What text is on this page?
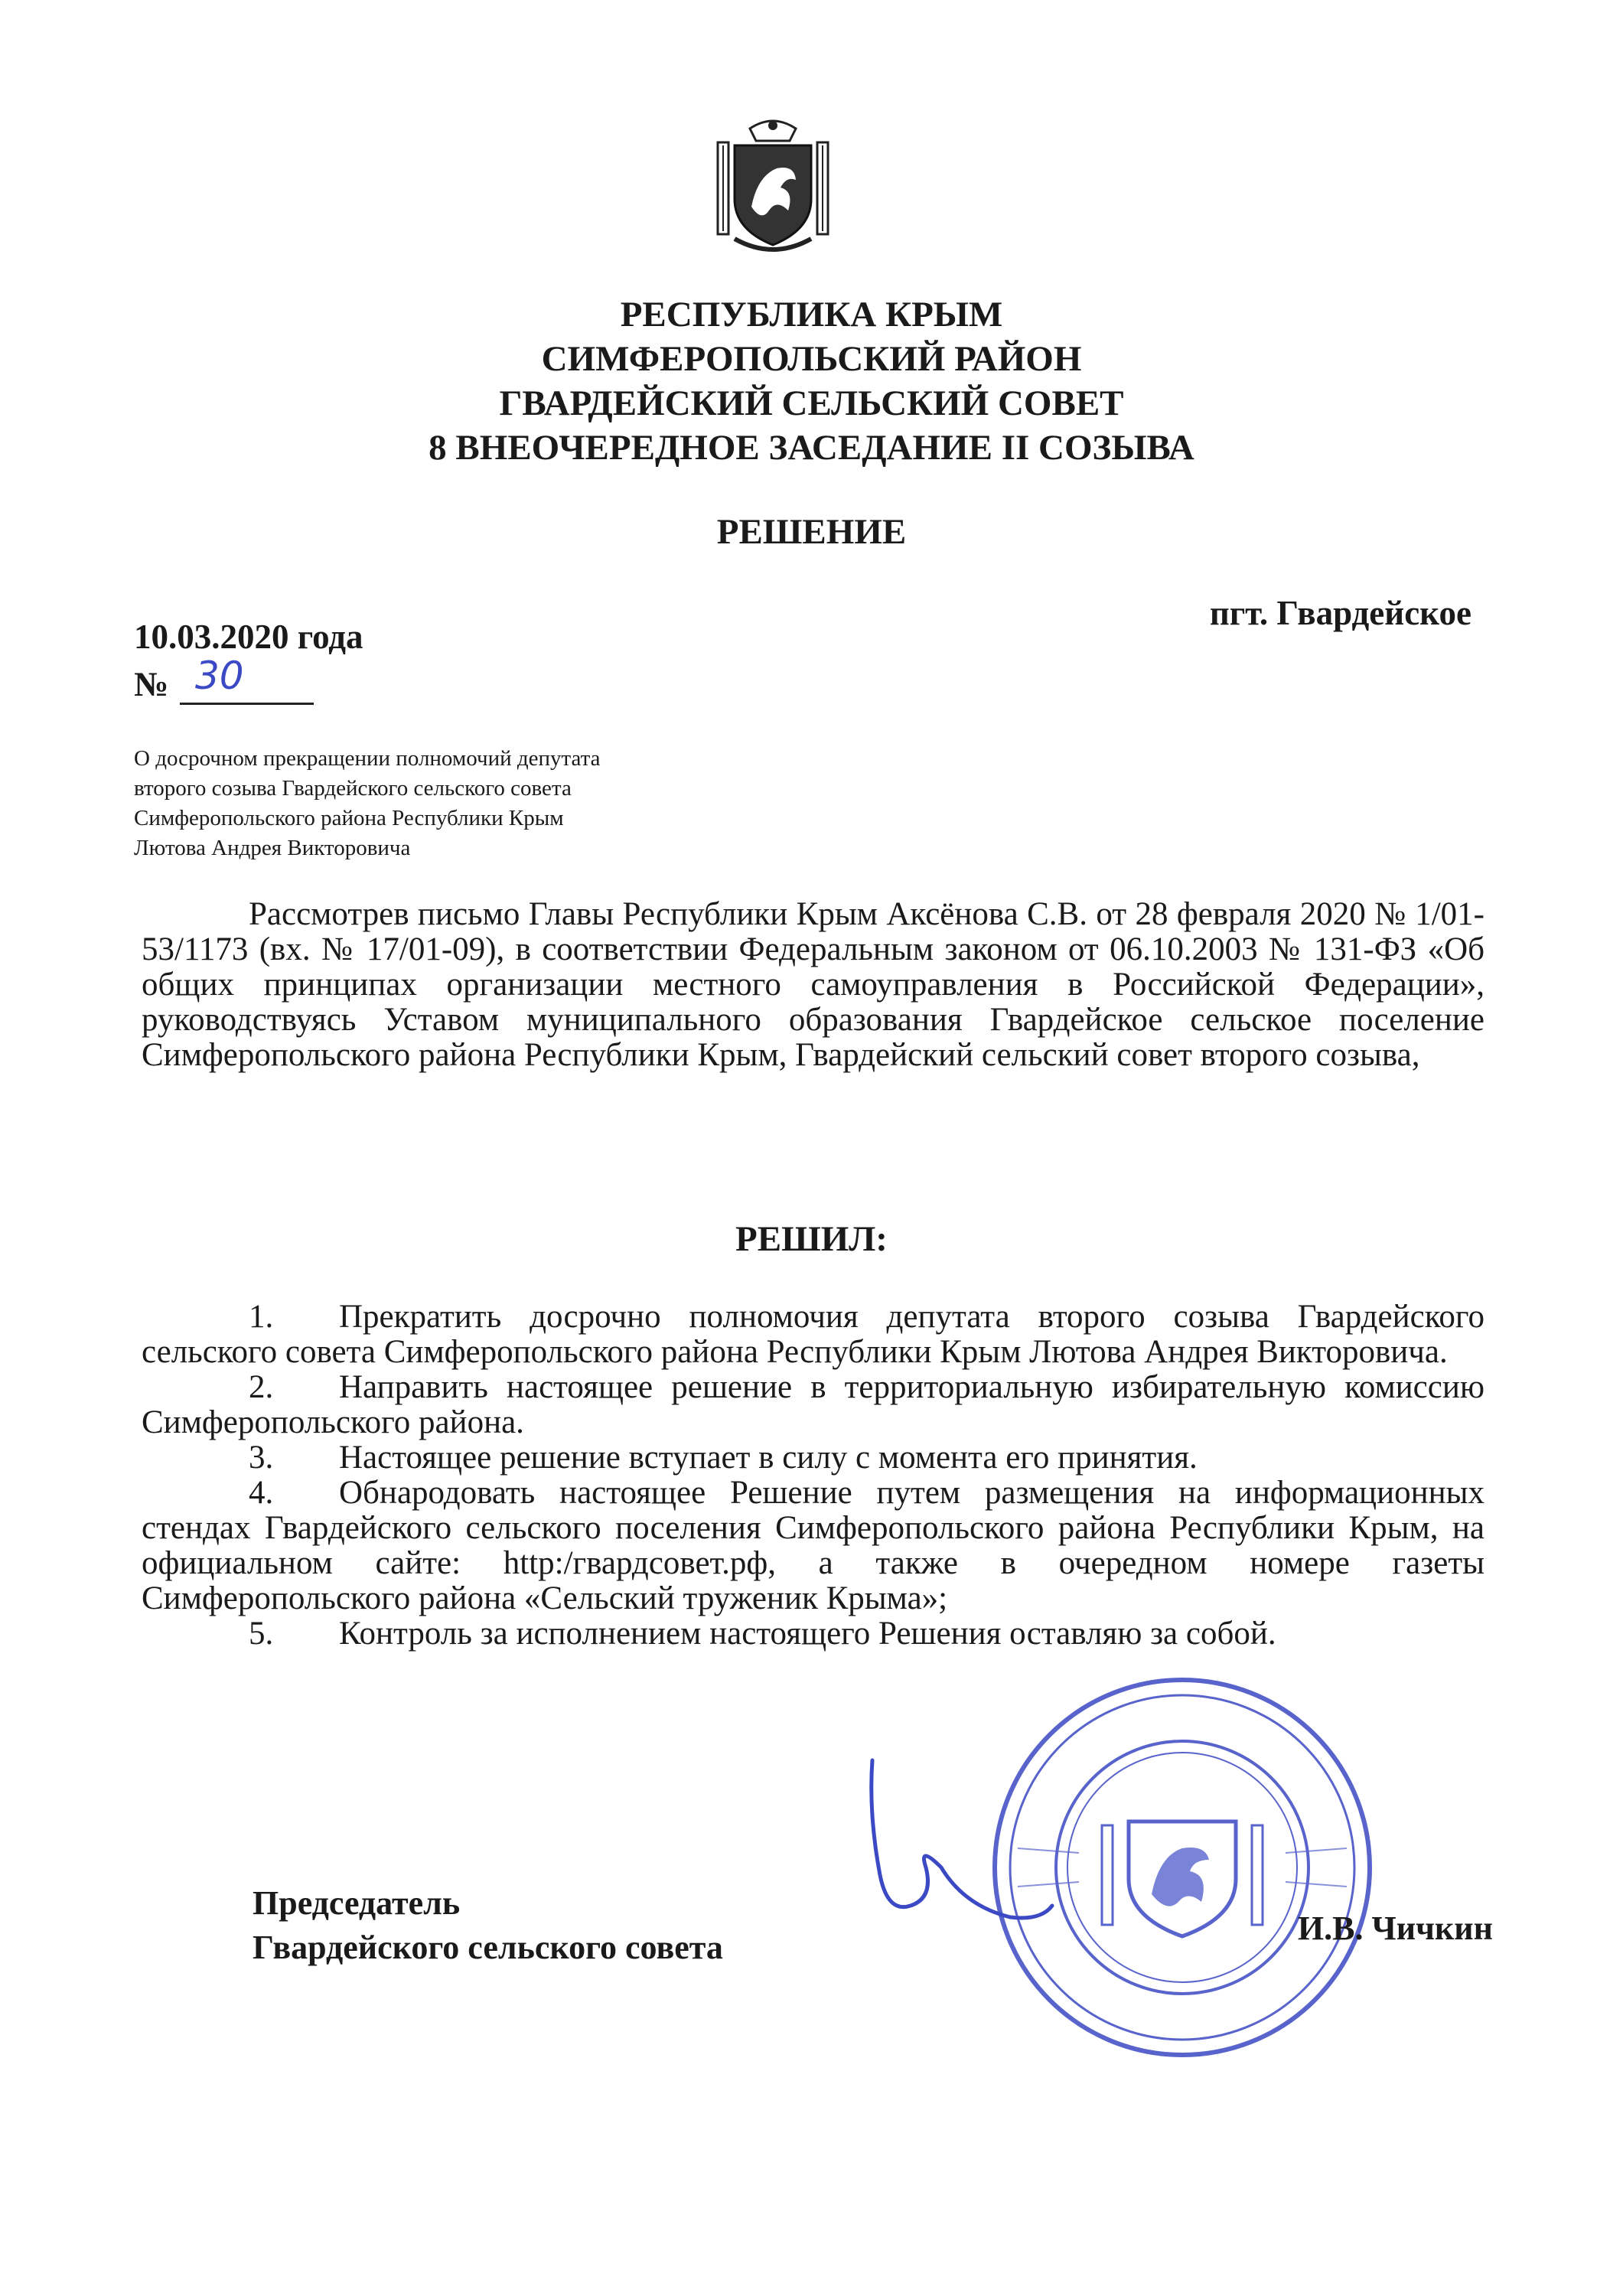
РЕСПУБЛИКА КРЫМ
СИМФЕРОПОЛЬСКИЙ РАЙОН
ГВАРДЕЙСКИЙ СЕЛЬСКИЙ СОВЕТ
8 ВНЕОЧЕРЕДНОЕ ЗАСЕДАНИЕ II СОЗЫВА
РЕШЕНИЕ
10.03.2020 года
пгт. Гвардейское
№ 30
О досрочном прекращении полномочий депутата
второго созыва Гвардейского сельского совета
Симферопольского района Республики Крым
Лютова Андрея Викторовича

Рассмотрев письмо Главы Республики Крым Аксёнова С.В. от 28 февраля 2020 № 1/01-53/1173 (вх. № 17/01-09), в соответствии Федеральным законом от 06.10.2003 № 131-ФЗ «Об общих принципах организации местного самоуправления в Российской Федерации», руководствуясь Уставом муниципального образования Гвардейское сельское поселение Симферопольского района Республики Крым, Гвардейский сельский совет второго созыва,

РЕШИЛ:

1. Прекратить досрочно полномочия депутата второго созыва Гвардейского сельского совета Симферопольского района Республики Крым Лютова Андрея Викторовича.

2. Направить настоящее решение в территориальную избирательную комиссию Симферопольского района.

3. Настоящее решение вступает в силу с момента его принятия.

4. Обнародовать настоящее Решение путем размещения на информационных стендах Гвардейского сельского поселения Симферопольского района Республики Крым, на официальном сайте: http:/гвардсовет.рф, а также в очередном номере газеты Симферопольского района «Сельский труженик Крыма»;

5. Контроль за исполнением настоящего Решения оставляю за собой.

Председатель
Гвардейского сельского совета
И.В. Чичкин
